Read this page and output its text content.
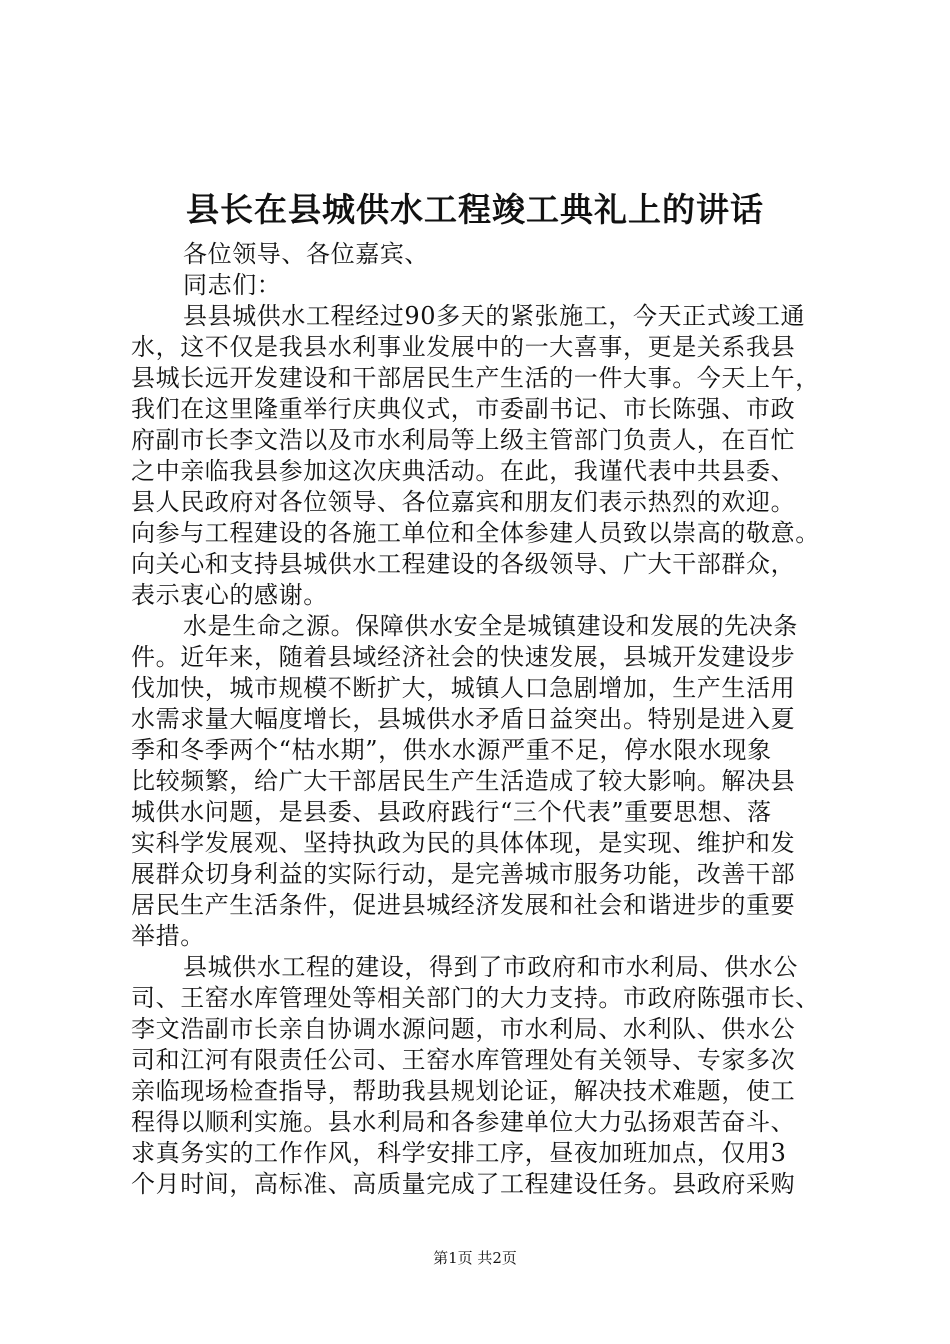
县长在县城供水工程竣工典礼上的讲话
各位领导、各位嘉宾、
同志们：
县县城供水工程经过90多天的紧张施工，今天正式竣工通
水，这不仅是我县水利事业发展中的一大喜事，更是关系我县
县城长远开发建设和干部居民生产生活的一件大事。今天上午，
我们在这里隆重举行庆典仪式，市委副书记、市长陈强、市政
府副市长李文浩以及市水利局等上级主管部门负责人，在百忙
之中亲临我县参加这次庆典活动。在此，我谨代表中共县委、
县人民政府对各位领导、各位嘉宾和朋友们表示热烈的欢迎。
向参与工程建设的各施工单位和全体参建人员致以崇高的敬意。
向关心和支持县城供水工程建设的各级领导、广大干部群众，
表示衷心的感谢。
水是生命之源。保障供水安全是城镇建设和发展的先决条
件。近年来，随着县域经济社会的快速发展，县城开发建设步
伐加快，城市规模不断扩大，城镇人口急剧增加，生产生活用
水需求量大幅度增长，县城供水矛盾日益突出。特别是进入夏
季和冬季两个“枯水期”，供水水源严重不足，停水限水现象
比较频繁，给广大干部居民生产生活造成了较大影响。解决县
城供水问题，是县委、县政府践行“三个代表”重要思想、落
实科学发展观、坚持执政为民的具体体现，是实现、维护和发
展群众切身利益的实际行动，是完善城市服务功能，改善干部
居民生产生活条件，促进县城经济发展和社会和谐进步的重要
举措。
县城供水工程的建设，得到了市政府和市水利局、供水公
司、王窑水库管理处等相关部门的大力支持。市政府陈强市长、
李文浩副市长亲自协调水源问题，市水利局、水利队、供水公
司和江河有限责任公司、王窑水库管理处有关领导、专家多次
亲临现场检查指导，帮助我县规划论证，解决技术难题，使工
程得以顺利实施。县水利局和各参建单位大力弘扬艰苦奋斗、
求真务实的工作作风，科学安排工序，昼夜加班加点，仅用3
个月时间，高标准、高质量完成了工程建设任务。县政府采购
第1页 共2页
